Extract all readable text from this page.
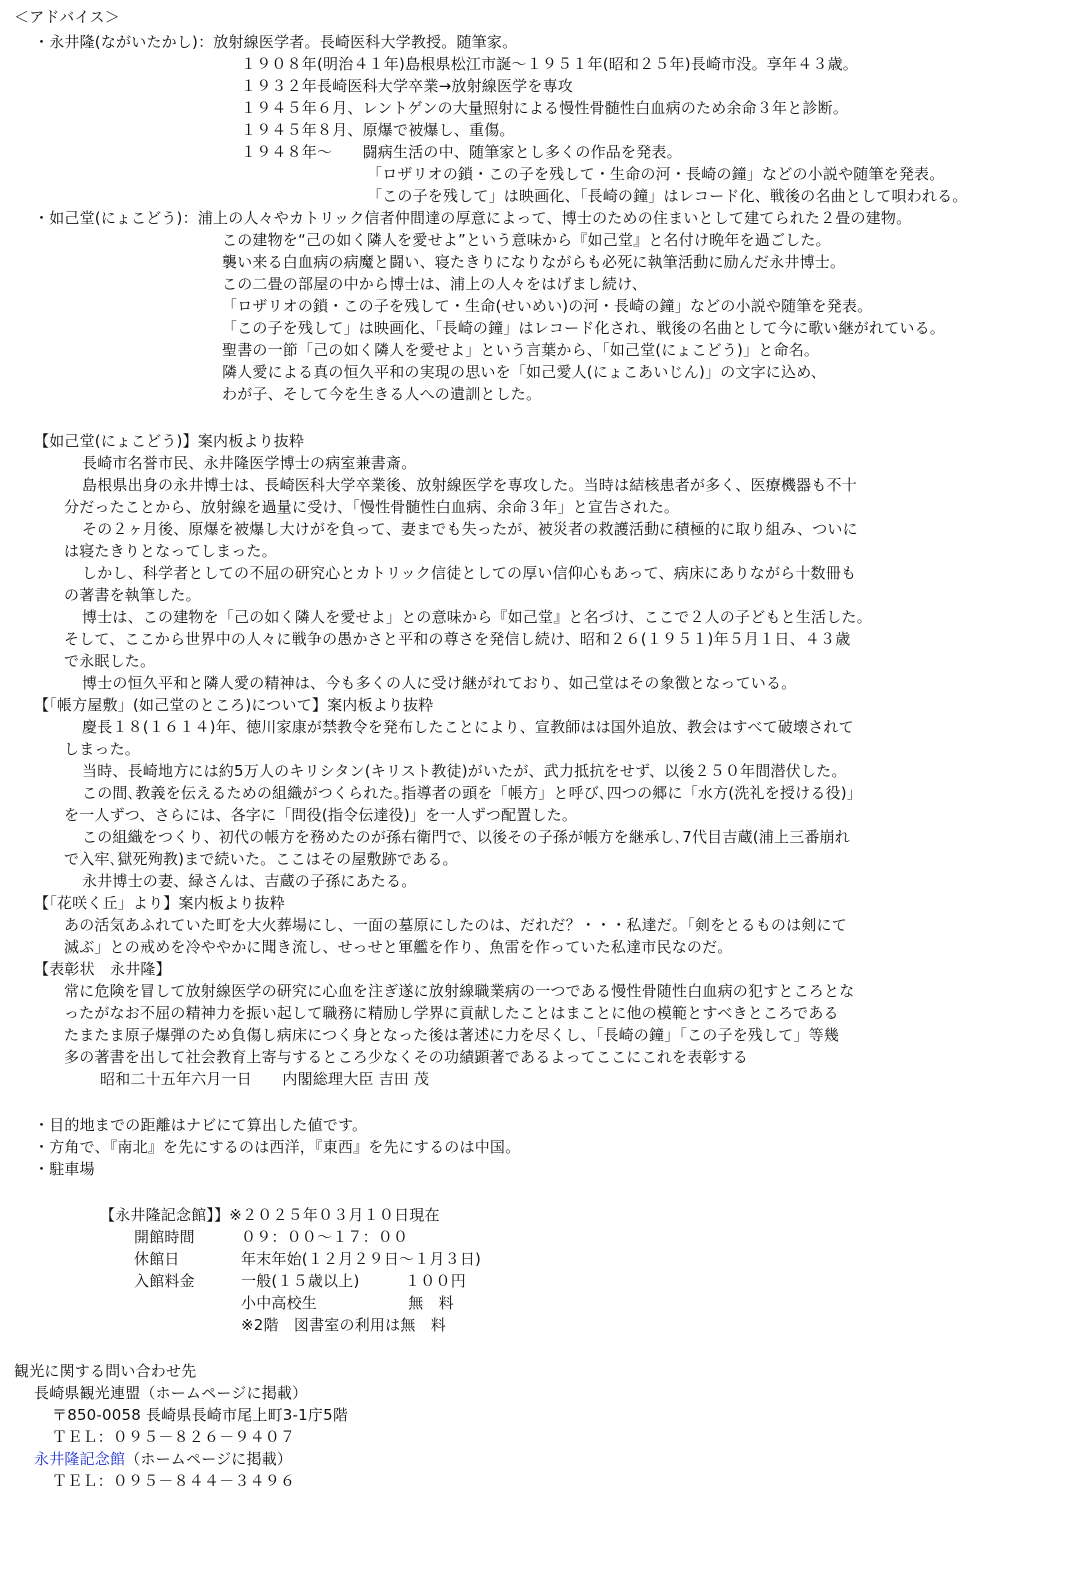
＜アドバイス＞
・永井隆(ながいたかし)：放射線医学者。長崎医科大学教授。随筆家。
１９０８年(明治４１年)島根県松江市誕～１９５１年(昭和２５年)長崎市没。享年４３歳。
１９３２年長崎医科大学卒業→放射線医学を専攻
１９４５年６月、レントゲンの大量照射による慢性骨髄性白血病のため余命３年と診断。
１９４５年８月、原爆で被爆し、重傷。
１９４８年～　　闘病生活の中、随筆家とし多くの作品を発表。
「ロザリオの鎖・この子を残して・生命の河・長崎の鐘」などの小説や随筆を発表。
「この子を残して」は映画化、「長崎の鐘」はレコード化、戦後の名曲として唄われる。
・如己堂(にょこどう)：浦上の人々やカトリック信者仲間達の厚意によって、博士のための住まいとして建てられた２畳の建物。
この建物を“己の如く隣人を愛せよ”という意味から『如己堂』と名付け晩年を過ごした。
襲い来る白血病の病魔と闘い、寝たきりになりながらも必死に執筆活動に励んだ永井博士。
この二畳の部屋の中から博士は、浦上の人々をはげまし続け、
「ロザリオの鎖・この子を残して・生命(せいめい)の河・長崎の鐘」などの小説や随筆を発表。
「この子を残して」は映画化、「長崎の鐘」はレコード化され、戦後の名曲として今に歌い継がれている。
聖書の一節「己の如く隣人を愛せよ」という言葉から、「如己堂(にょこどう)」と命名。
隣人愛による真の恒久平和の実現の思いを「如己愛人(にょこあいじん)」の文字に込め、
わが子、そして今を生きる人への遺訓とした。
【如己堂(にょこどう)】案内板より抜粋
長崎市名誉市民、永井隆医学博士の病室兼書斎。
島根県出身の永井博士は、長崎医科大学卒業後、放射線医学を専攻した。当時は結核患者が多く、医療機器も不十
分だったことから、放射線を過量に受け、「慢性骨髄性白血病、余命３年」と宣告された。
その２ヶ月後、原爆を被爆し大けがを負って、妻までも失ったが、被災者の救護活動に積極的に取り組み、ついに
は寝たきりとなってしまった。
しかし、科学者としての不屈の研究心とカトリック信徒としての厚い信仰心もあって、病床にありながら十数冊も
の著書を執筆した。
博士は、この建物を「己の如く隣人を愛せよ」との意味から『如己堂』と名づけ、ここで２人の子どもと生活した。
そして、ここから世界中の人々に戦争の愚かさと平和の尊さを発信し続け、昭和２６(１９５１)年５月１日、４３歳
で永眠した。
博士の恒久平和と隣人愛の精神は、今も多くの人に受け継がれており、如己堂はその象徴となっている。
【「帳方屋敷」(如己堂のところ)について】案内板より抜粋
慶長１８(１６１４)年、徳川家康が禁教令を発布したことにより、宣教師はは国外追放、教会はすべて破壊されて
しまった。
当時、長崎地方には約5万人のキリシタン(キリスト教徒)がいたが、武力抵抗をせず、以後２５０年間潜伏した。
この間､教義を伝えるための組織がつくられた｡指導者の頭を「帳方」と呼び､四つの郷に「水方(洗礼を授ける役)」
を一人ずつ、さらには、各字に「問役(指令伝達役)」を一人ずつ配置した。
この組織をつくり、初代の帳方を務めたのが孫右衛門で、以後その子孫が帳方を継承し､7代目吉蔵(浦上三番崩れ
で入牢､獄死殉教)まで続いた。ここはその屋敷跡である。
永井博士の妻、緑さんは、吉蔵の子孫にあたる。
【「花咲く丘」より】案内板より抜粋
あの活気あふれていた町を大火葬場にし、一面の墓原にしたのは、だれだ？・・・私達だ。「剣をとるものは剣にて
滅ぶ」との戒めを冷ややかに聞き流し、せっせと軍艦を作り、魚雷を作っていた私達市民なのだ。
【表彰状　永井隆】
常に危険を冒して放射線医学の研究に心血を注ぎ遂に放射線職業病の一つである慢性骨随性白血病の犯すところとな
ったがなお不屈の精神力を振い起して職務に精励し学界に貢献したことはまことに他の模範とすべきところである
たまたま原子爆弾のため負傷し病床につく身となった後は著述に力を尽くし、「長崎の鐘」「この子を残して」等幾
多の著書を出して社会教育上寄与するところ少なくその功績顕著であるよってここにこれを表彰する
昭和二十五年六月一日　　内閣総理大臣 吉田 茂
・目的地までの距離はナビにて算出した値です。
・方角で、『南北』を先にするのは西洋，『東西』を先にするのは中国。
・駐車場
【永井隆記念館】】※２０２５年０３月１０日現在
開館時間	０９：００～１７：００
休館日	年末年始(１２月２９日～１月３日)
入館料金	一般(１５歳以上)　　　１００円
小中高校生　　　　　　無　料
※2階　図書室の利用は無　料
観光に関する問い合わせ先
長崎県観光連盟（ホームページに掲載）
〒850-0058 長崎県長崎市尾上町3-1庁5階
ＴＥＬ：０９５－８２６－９４０７
永井隆記念館（ホームページに掲載）
ＴＥＬ：０９５－８４４－３４９６
